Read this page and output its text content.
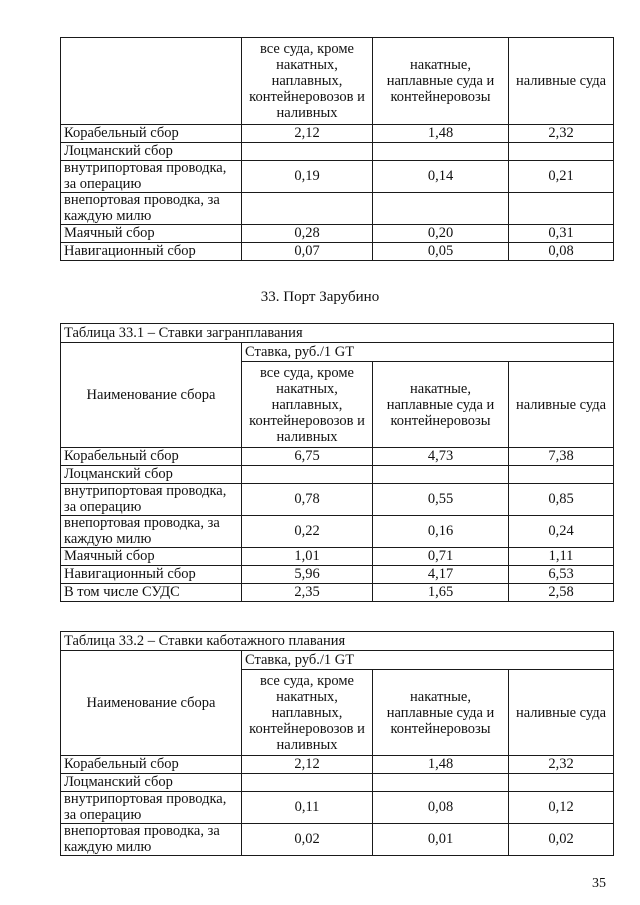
	все суда, кроме накатных, наплавных, контейнеровозов и наливных	накатные, наплавные суда и контейнеровозы	наливные суда
Корабельный сбор	2,12	1,48	2,32
Лоцманский сбор			
внутрипортовая проводка, за операцию	0,19	0,14	0,21
внепортовая проводка, за каждую милю			
Маячный сбор	0,28	0,20	0,31
Навигационный сбор	0,07	0,05	0,08
33. Порт Зарубино
Таблица 33.1 – Ставки загранплавания			
Наименование сбора	Ставка, руб./1 GT		
	все суда, кроме накатных, наплавных, контейнеровозов и наливных	накатные, наплавные суда и контейнеровозы	наливные суда
Корабельный сбор	6,75	4,73	7,38
Лоцманский сбор			
внутрипортовая проводка, за операцию	0,78	0,55	0,85
внепортовая проводка, за каждую милю	0,22	0,16	0,24
Маячный сбор	1,01	0,71	1,11
Навигационный сбор	5,96	4,17	6,53
В том числе СУДС	2,35	1,65	2,58
Таблица 33.2 – Ставки каботажного плавания			
Наименование сбора	Ставка, руб./1 GT		
	все суда, кроме накатных, наплавных, контейнеровозов и наливных	накатные, наплавные суда и контейнеровозы	наливные суда
Корабельный сбор	2,12	1,48	2,32
Лоцманский сбор			
внутрипортовая проводка, за операцию	0,11	0,08	0,12
внепортовая проводка, за каждую милю	0,02	0,01	0,02
35
